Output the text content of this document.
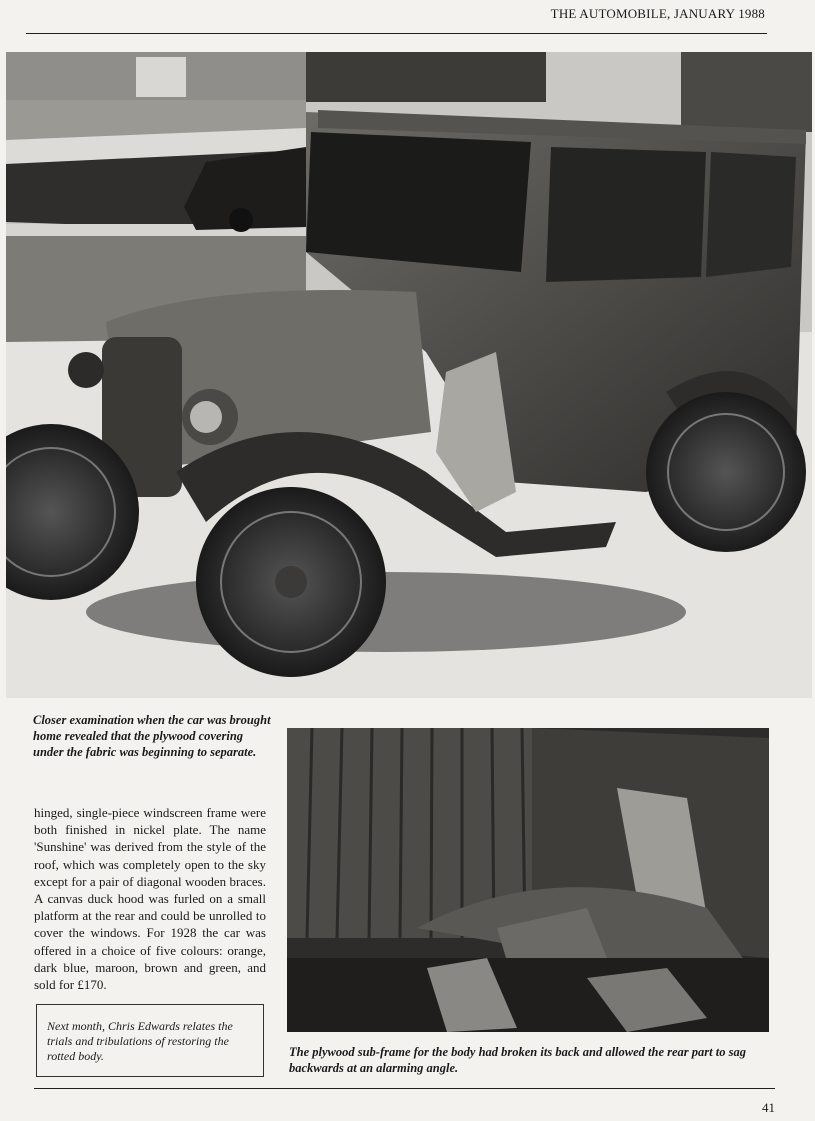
THE AUTOMOBILE, JANUARY 1988

Closer examination when the car was brought home revealed that the plywood covering under the fabric was beginning to separate.

hinged, single-piece windscreen frame were both finished in nickel plate. The name 'Sunshine' was derived from the style of the roof, which was completely open to the sky except for a pair of diagonal wooden braces. A canvas duck hood was furled on a small platform at the rear and could be unrolled to cover the windows. For 1928 the car was offered in a choice of five colours: orange, dark blue, maroon, brown and green, and sold for £170.

Next month, Chris Edwards relates the trials and tribulations of restoring the rotted body.	The plywood sub-frame for the body had broken its back and allowed the rear part to sag backwards at an alarming angle.

41
